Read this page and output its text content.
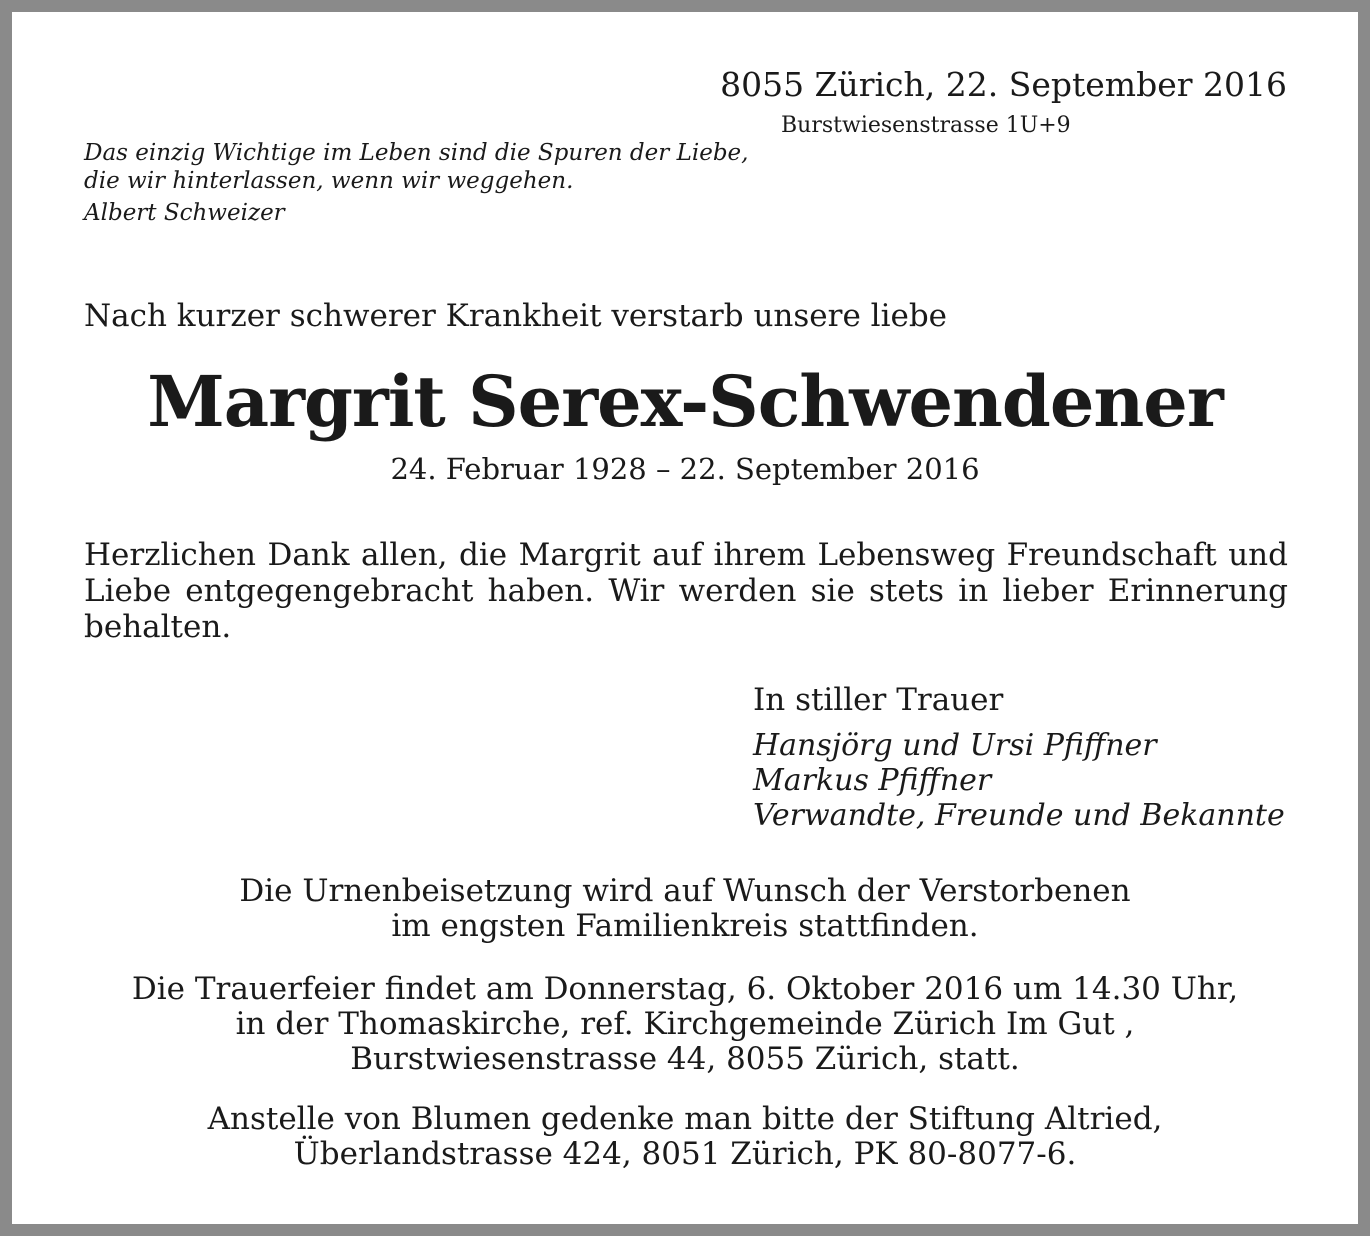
8055 Zürich, 22. September 2016
Burstwiesenstrasse 1U+9
Das einzig Wichtige im Leben sind die Spuren der Liebe,
die wir hinterlassen, wenn wir weggehen.
Albert Schweizer
Nach kurzer schwerer Krankheit verstarb unsere liebe
Margrit Serex-Schwendener
24. Februar 1928 – 22. September 2016
Herzlichen Dank allen, die Margrit auf ihrem Lebensweg Freundschaft und Liebe entgegengebracht haben. Wir werden sie stets in lieber Erinnerung behalten.
In stiller Trauer
Hansjörg und Ursi Pfiffner
Markus Pfiffner
Verwandte, Freunde und Bekannte
Die Urnenbeisetzung wird auf Wunsch der Verstorbenen
im engsten Familienkreis stattfinden.
Die Trauerfeier findet am Donnerstag, 6. Oktober 2016 um 14.30 Uhr,
in der Thomaskirche, ref. Kirchgemeinde Zürich Im Gut ,
Burstwiesenstrasse 44, 8055 Zürich, statt.
Anstelle von Blumen gedenke man bitte der Stiftung Altried,
Überlandstrasse 424, 8051 Zürich, PK 80-8077-6.
